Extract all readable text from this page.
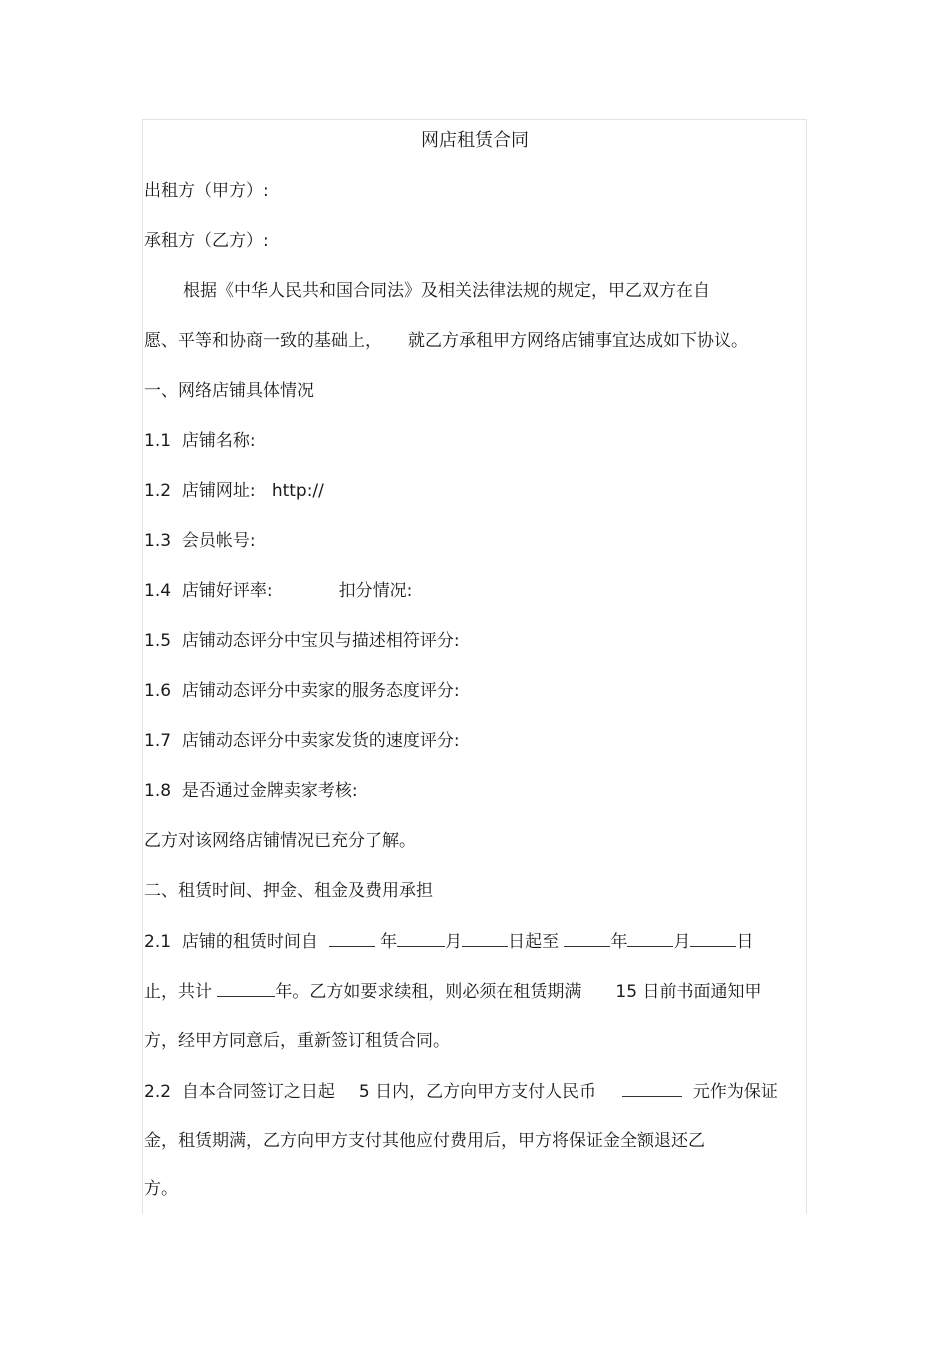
网店租赁合同
出租方（甲方）:
承租方（乙方）:
根据《中华人民共和国合同法》及相关法律法规的规定，甲乙双方在自
愿、平等和协商一致的基础上， 就乙方承租甲方网络店铺事宜达成如下协议。
一、网络店铺具体情况
1.1 店铺名称:
1.2 店铺网址: http://
1.3 会员帐号:
1.4 店铺好评率:	扣分情况:
1.5 店铺动态评分中宝贝与描述相符评分:
1.6 店铺动态评分中卖家的服务态度评分:
1.7 店铺动态评分中卖家发货的速度评分:
1.8 是否通过金牌卖家考核:
乙方对该网络店铺情况已充分了解。
二、租赁时间、押金、租金及费用承担
2.1 店铺的租赁时间自	年	月	日起至	年	月	日
止，共计	年。乙方如要求续租，则必须在租赁期满 15 日前书面通知甲
方，经甲方同意后，重新签订租赁合同。
2.2 自本合同签订之日起 5 日内，乙方向甲方支付人民币	元作为保证
金，租赁期满，乙方向甲方支付其他应付费用后，甲方将保证金全额退还乙
方。
